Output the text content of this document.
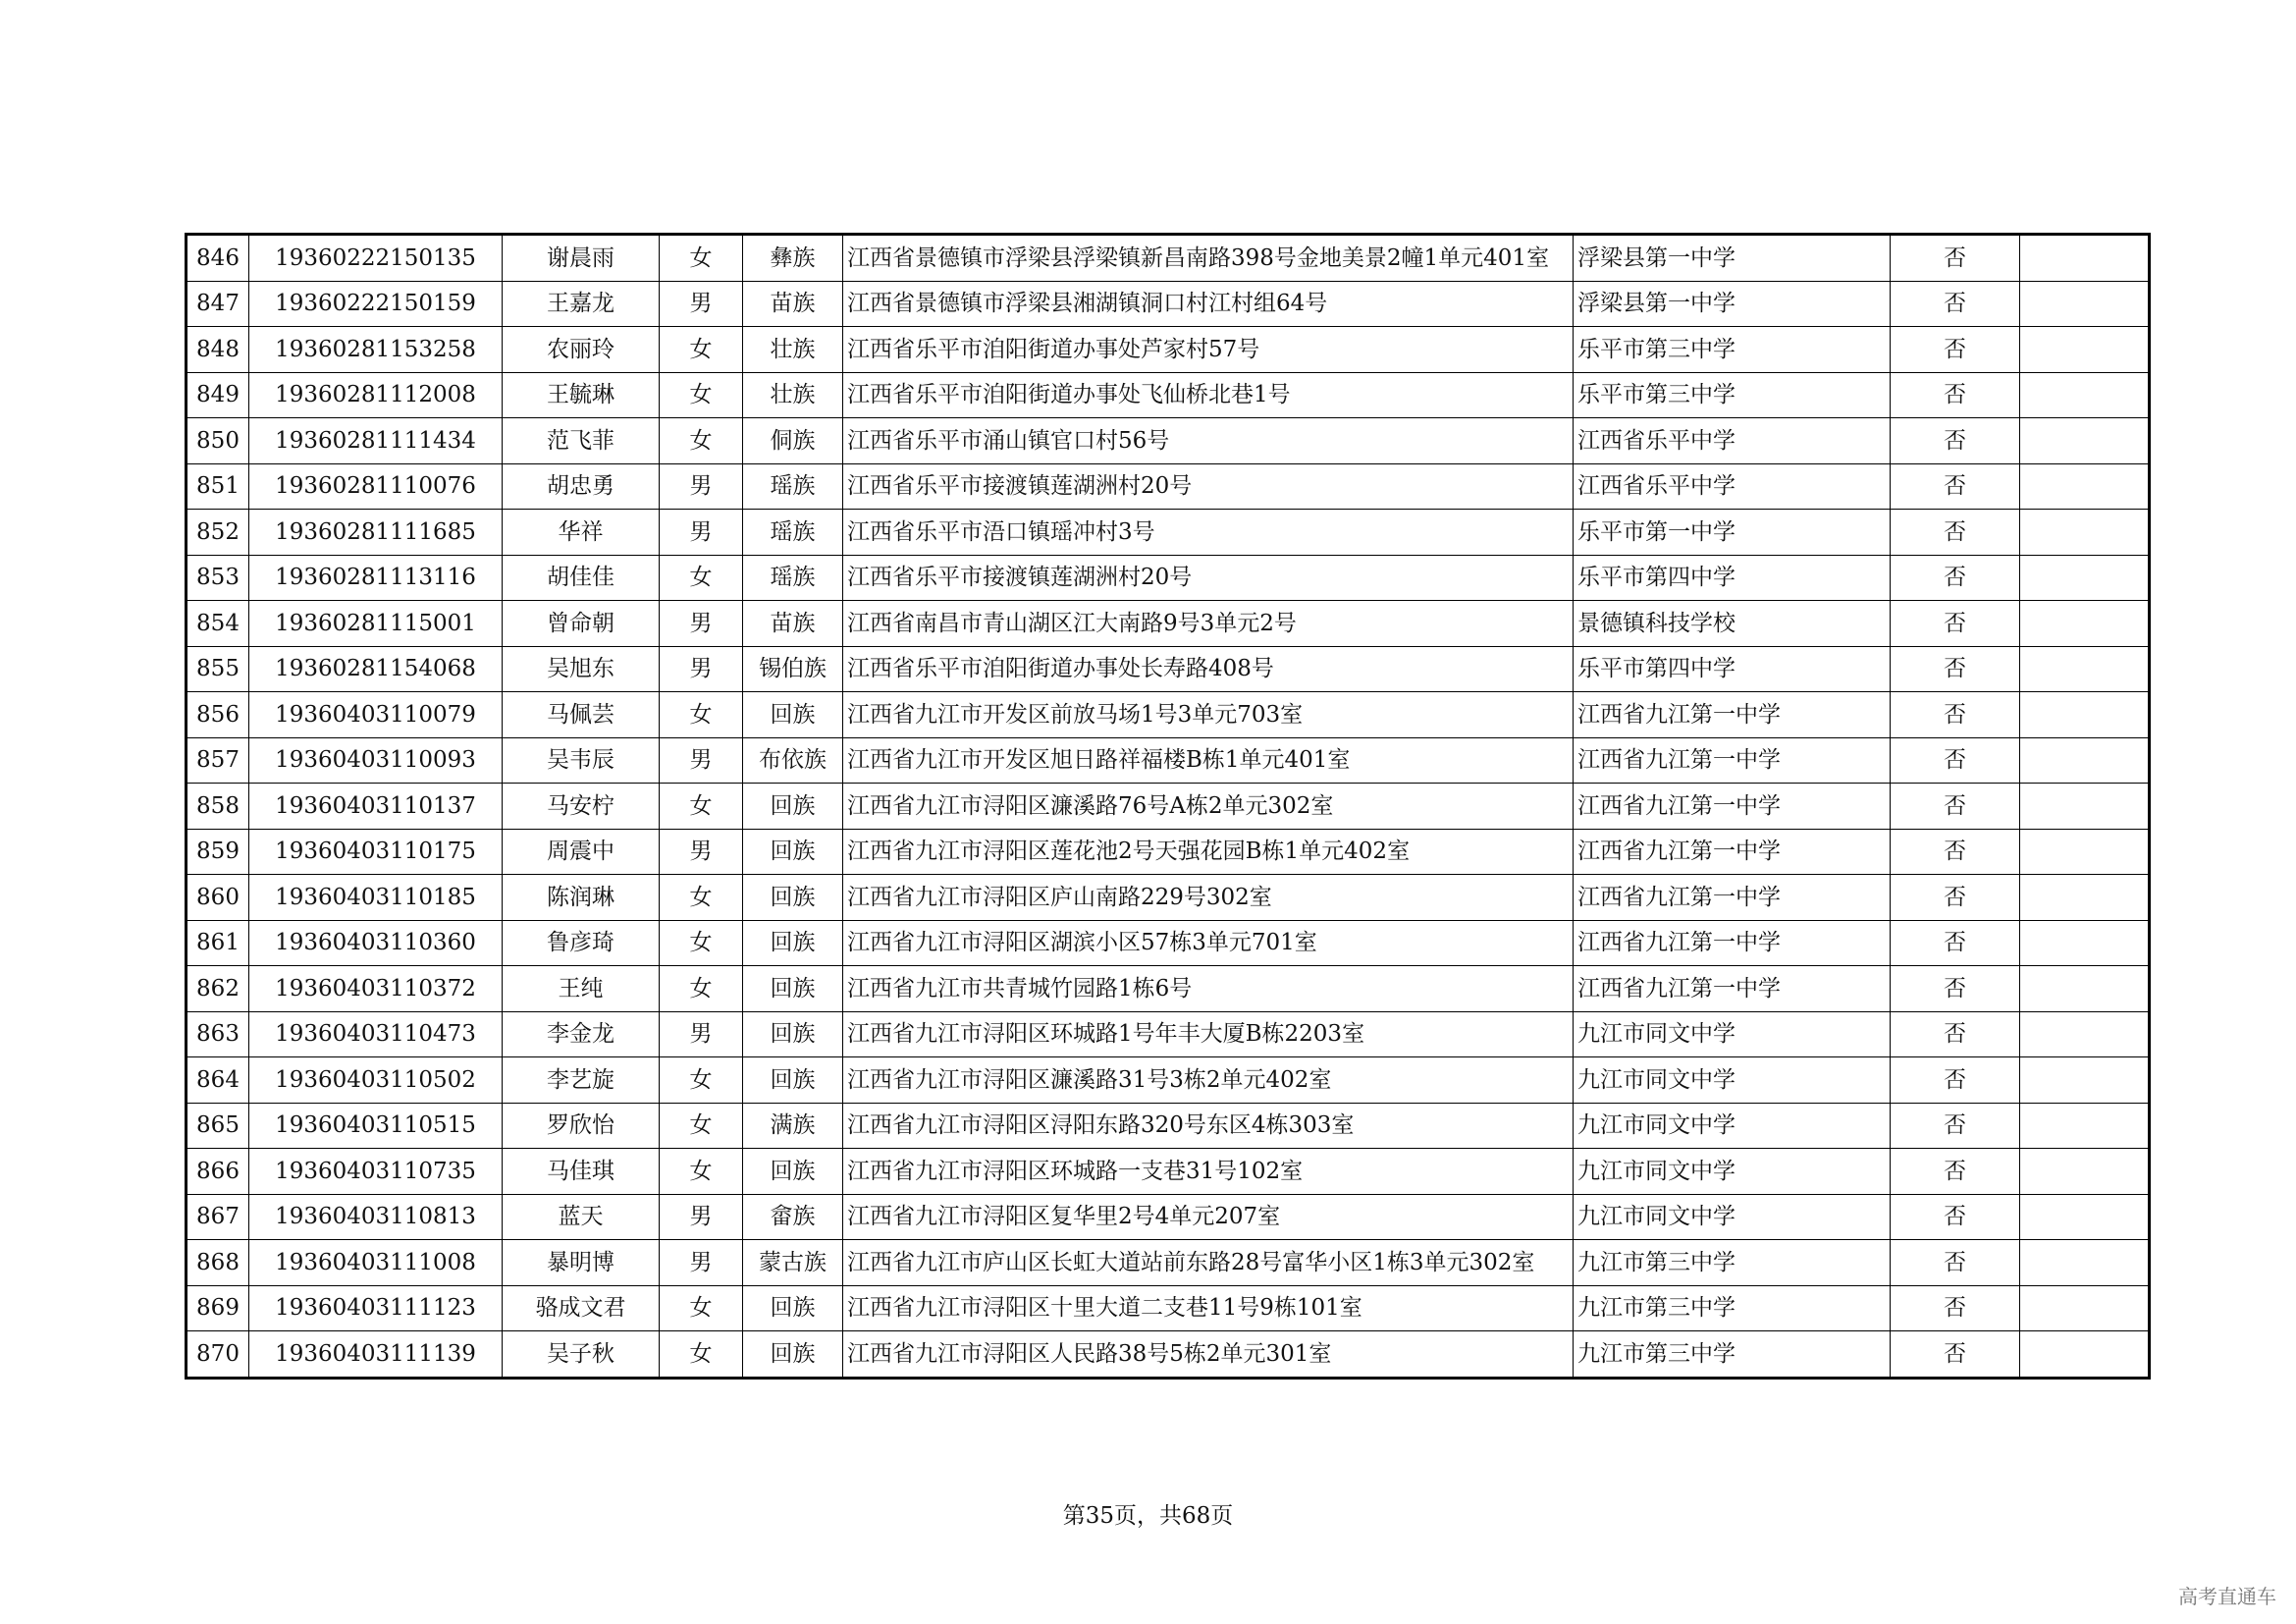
846	19360222150135	谢晨雨	女	彝族	江西省景德镇市浮梁县浮梁镇新昌南路398号金地美景2幢1单元401室	浮梁县第一中学	否	
847	19360222150159	王嘉龙	男	苗族	江西省景德镇市浮梁县湘湖镇洞口村江村组64号	浮梁县第一中学	否	
848	19360281153258	农丽玲	女	壮族	江西省乐平市洎阳街道办事处芦家村57号	乐平市第三中学	否	
849	19360281112008	王毓琳	女	壮族	江西省乐平市洎阳街道办事处飞仙桥北巷1号	乐平市第三中学	否	
850	19360281111434	范飞菲	女	侗族	江西省乐平市涌山镇官口村56号	江西省乐平中学	否	
851	19360281110076	胡忠勇	男	瑶族	江西省乐平市接渡镇莲湖洲村20号	江西省乐平中学	否	
852	19360281111685	华祥	男	瑶族	江西省乐平市浯口镇瑶冲村3号	乐平市第一中学	否	
853	19360281113116	胡佳佳	女	瑶族	江西省乐平市接渡镇莲湖洲村20号	乐平市第四中学	否	
854	19360281115001	曾命朝	男	苗族	江西省南昌市青山湖区江大南路9号3单元2号	景德镇科技学校	否	
855	19360281154068	吴旭东	男	锡伯族	江西省乐平市洎阳街道办事处长寿路408号	乐平市第四中学	否	
856	19360403110079	马佩芸	女	回族	江西省九江市开发区前放马场1号3单元703室	江西省九江第一中学	否	
857	19360403110093	吴韦辰	男	布依族	江西省九江市开发区旭日路祥福楼B栋1单元401室	江西省九江第一中学	否	
858	19360403110137	马安柠	女	回族	江西省九江市浔阳区濂溪路76号A栋2单元302室	江西省九江第一中学	否	
859	19360403110175	周震中	男	回族	江西省九江市浔阳区莲花池2号天强花园B栋1单元402室	江西省九江第一中学	否	
860	19360403110185	陈润琳	女	回族	江西省九江市浔阳区庐山南路229号302室	江西省九江第一中学	否	
861	19360403110360	鲁彦琦	女	回族	江西省九江市浔阳区湖滨小区57栋3单元701室	江西省九江第一中学	否	
862	19360403110372	王纯	女	回族	江西省九江市共青城竹园路1栋6号	江西省九江第一中学	否	
863	19360403110473	李金龙	男	回族	江西省九江市浔阳区环城路1号年丰大厦B栋2203室	九江市同文中学	否	
864	19360403110502	李艺旋	女	回族	江西省九江市浔阳区濂溪路31号3栋2单元402室	九江市同文中学	否	
865	19360403110515	罗欣怡	女	满族	江西省九江市浔阳区浔阳东路320号东区4栋303室	九江市同文中学	否	
866	19360403110735	马佳琪	女	回族	江西省九江市浔阳区环城路一支巷31号102室	九江市同文中学	否	
867	19360403110813	蓝天	男	畲族	江西省九江市浔阳区复华里2号4单元207室	九江市同文中学	否	
868	19360403111008	暴明博	男	蒙古族	江西省九江市庐山区长虹大道站前东路28号富华小区1栋3单元302室	九江市第三中学	否	
869	19360403111123	骆成文君	女	回族	江西省九江市浔阳区十里大道二支巷11号9栋101室	九江市第三中学	否	
870	19360403111139	吴子秋	女	回族	江西省九江市浔阳区人民路38号5栋2单元301室	九江市第三中学	否	
第35页，共68页
高考直通车
